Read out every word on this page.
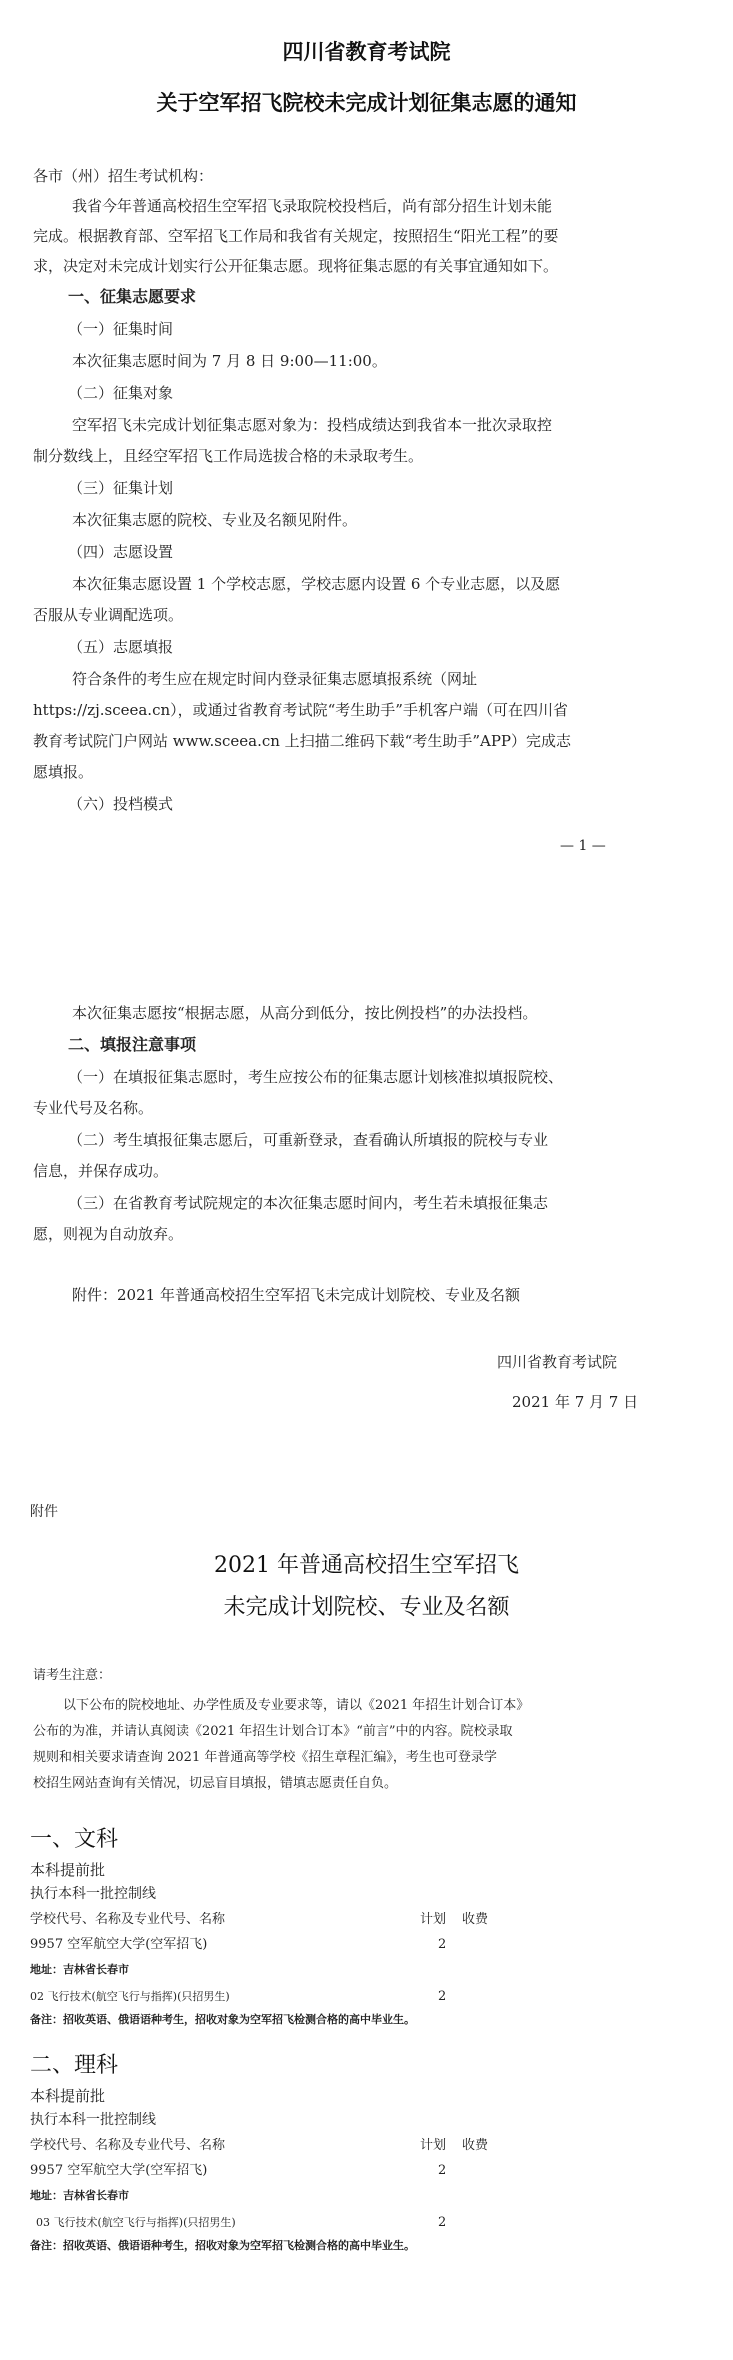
四川省教育考试院
关于空军招飞院校未完成计划征集志愿的通知
各市（州）招生考试机构：
我省今年普通高校招生空军招飞录取院校投档后，尚有部分招生计划未能
完成。根据教育部、空军招飞工作局和我省有关规定，按照招生“阳光工程”的要
求，决定对未完成计划实行公开征集志愿。现将征集志愿的有关事宜通知如下。
一、征集志愿要求
（一）征集时间
本次征集志愿时间为 7 月 8 日 9:00—11:00。
（二）征集对象
空军招飞未完成计划征集志愿对象为：投档成绩达到我省本一批次录取控
制分数线上，且经空军招飞工作局选拔合格的未录取考生。
（三）征集计划
本次征集志愿的院校、专业及名额见附件。
（四）志愿设置
本次征集志愿设置 1 个学校志愿，学校志愿内设置 6 个专业志愿，以及愿
否服从专业调配选项。
（五）志愿填报
符合条件的考生应在规定时间内登录征集志愿填报系统（网址
https://zj.sceea.cn），或通过省教育考试院“考生助手”手机客户端（可在四川省
教育考试院门户网站 www.sceea.cn 上扫描二维码下载“考生助手”APP）完成志
愿填报。
（六）投档模式
— 1 —
本次征集志愿按“根据志愿，从高分到低分，按比例投档”的办法投档。
二、填报注意事项
（一）在填报征集志愿时，考生应按公布的征集志愿计划核准拟填报院校、
专业代号及名称。
（二）考生填报征集志愿后，可重新登录，查看确认所填报的院校与专业
信息，并保存成功。
（三）在省教育考试院规定的本次征集志愿时间内，考生若未填报征集志
愿，则视为自动放弃。
附件：2021 年普通高校招生空军招飞未完成计划院校、专业及名额
四川省教育考试院
2021 年 7 月 7 日
附件
2021 年普通高校招生空军招飞
未完成计划院校、专业及名额
请考生注意：
以下公布的院校地址、办学性质及专业要求等，请以《2021 年招生计划合订本》
公布的为准，并请认真阅读《2021 年招生计划合订本》“前言”中的内容。院校录取
规则和相关要求请查询 2021 年普通高等学校《招生章程汇编》，考生也可登录学
校招生网站查询有关情况，切忌盲目填报，错填志愿责任自负。
一、文科
本科提前批
执行本科一批控制线
学校代号、名称及专业代号、名称	计划 收费
9957 空军航空大学(空军招飞)	2
地址：吉林省长春市
02 飞行技术(航空飞行与指挥)(只招男生)	2
备注：招收英语、俄语语种考生，招收对象为空军招飞检测合格的高中毕业生。
二、理科
本科提前批
执行本科一批控制线
学校代号、名称及专业代号、名称	计划 收费
9957 空军航空大学(空军招飞)	2
地址：吉林省长春市
03 飞行技术(航空飞行与指挥)(只招男生)	2
备注：招收英语、俄语语种考生，招收对象为空军招飞检测合格的高中毕业生。
